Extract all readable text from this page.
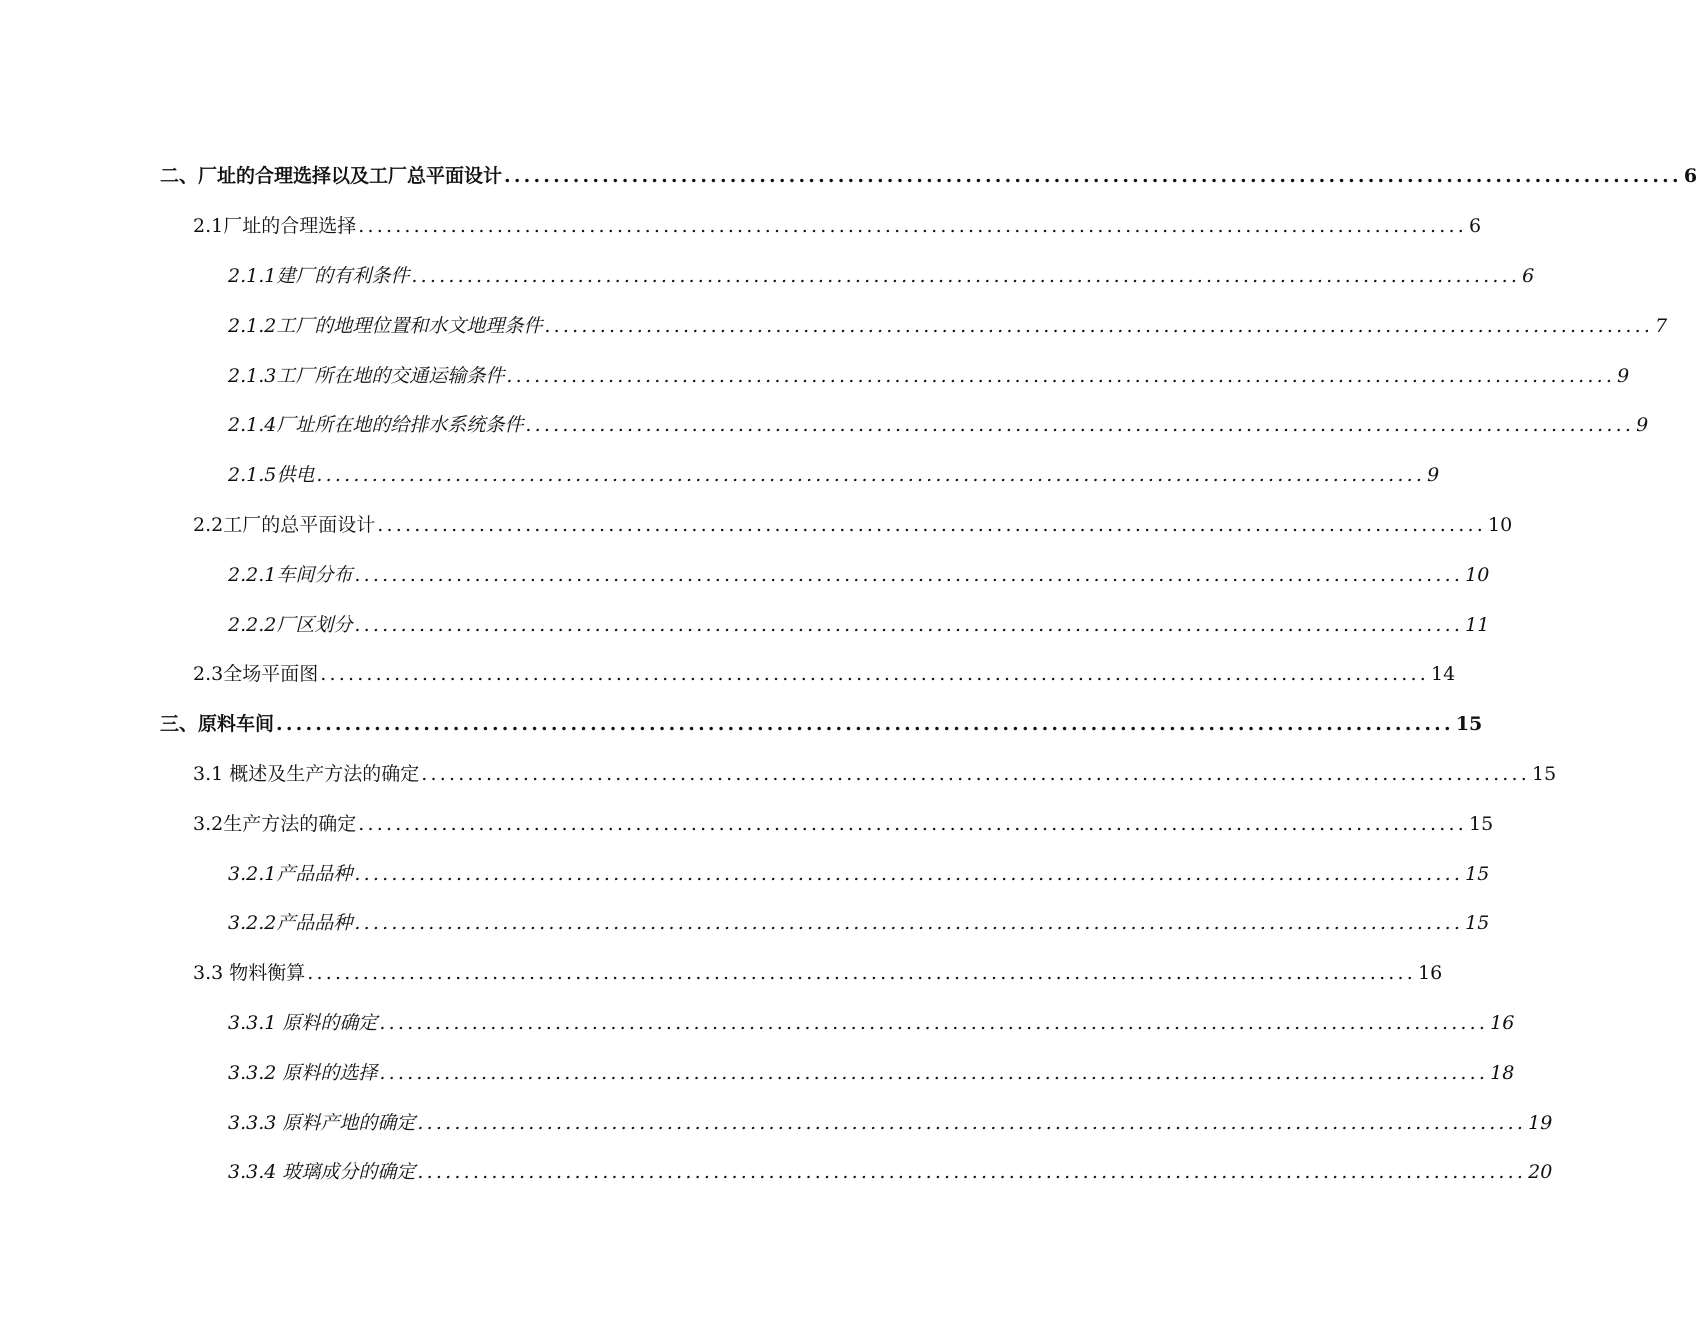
二、厂址的合理选择以及工厂总平面设计 ........................................................................................................................ 6
2.1厂址的合理选择 ........................................................................................................................ 6
2.1.1建厂的有利条件 ........................................................................................................................ 6
2.1.2工厂的地理位置和水文地理条件 ........................................................................................................................ 7
2.1.3工厂所在地的交通运输条件 ........................................................................................................................ 9
2.1.4厂址所在地的给排水系统条件 ........................................................................................................................ 9
2.1.5供电 ........................................................................................................................ 9
2.2工厂的总平面设计 ........................................................................................................................ 10
2.2.1车间分布 ........................................................................................................................ 10
2.2.2厂区划分 ........................................................................................................................ 11
2.3全场平面图 ........................................................................................................................ 14
三、原料车间 ........................................................................................................................ 15
3.1 概述及生产方法的确定 ........................................................................................................................ 15
3.2生产方法的确定 ........................................................................................................................ 15
3.2.1产品品种 ........................................................................................................................ 15
3.2.2产品品种 ........................................................................................................................ 15
3.3 物料衡算 ........................................................................................................................ 16
3.3.1 原料的确定 ........................................................................................................................ 16
3.3.2 原料的选择 ........................................................................................................................ 18
3.3.3 原料产地的确定 ........................................................................................................................ 19
3.3.4 玻璃成分的确定 ........................................................................................................................ 20
